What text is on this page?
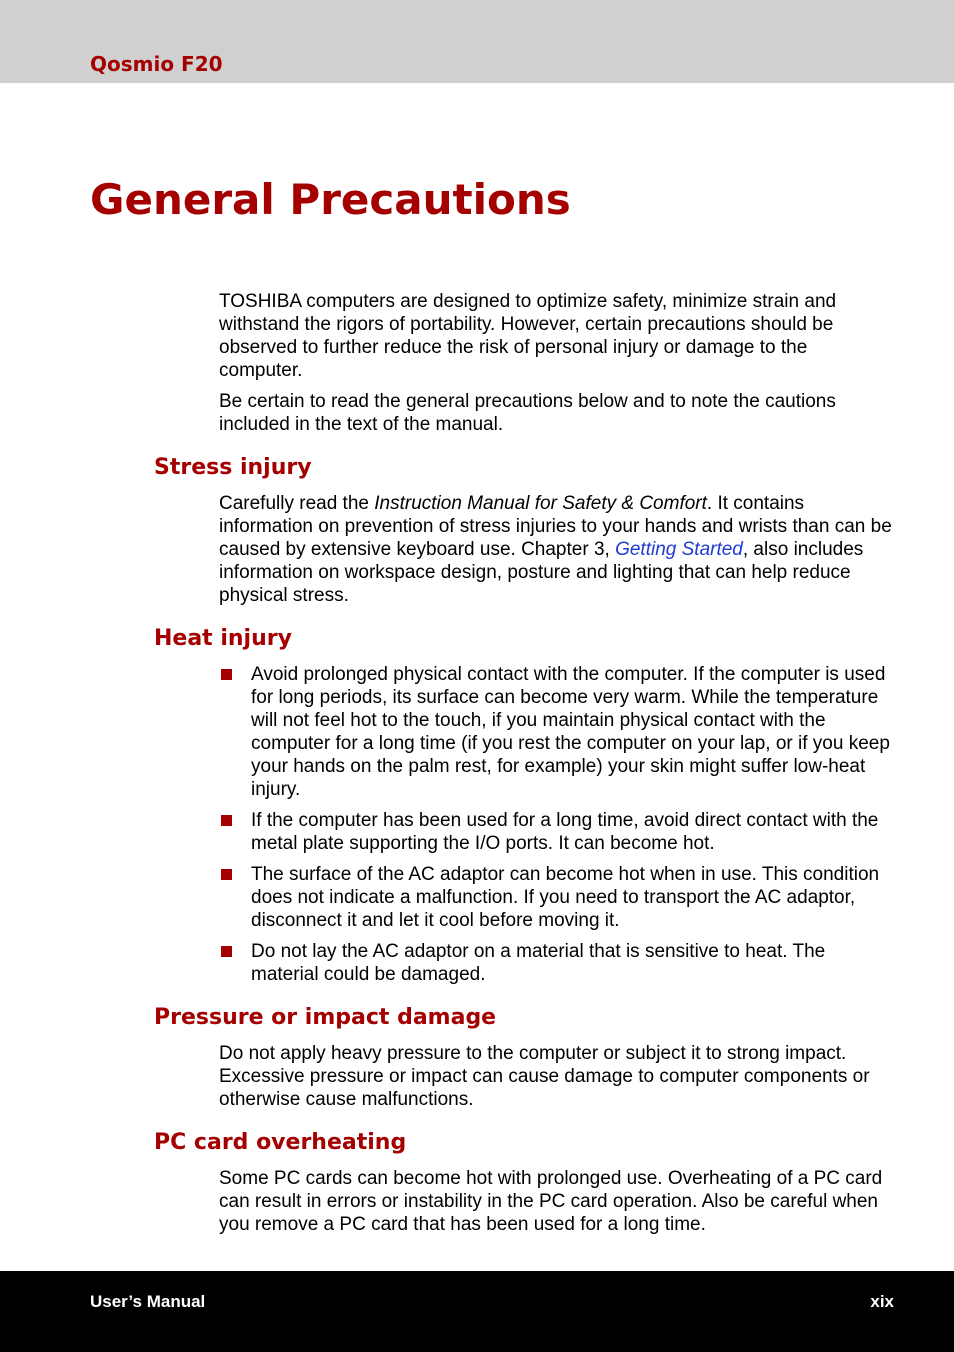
Qosmio F20
General Precautions

TOSHIBA computers are designed to optimize safety, minimize strain and withstand the rigors of portability. However, certain precautions should be observed to further reduce the risk of personal injury or damage to the computer.

Be certain to read the general precautions below and to note the cautions included in the text of the manual.

Stress injury

Carefully read the Instruction Manual for Safety & Comfort. It contains information on prevention of stress injuries to your hands and wrists than can be caused by extensive keyboard use. Chapter 3, Getting Started, also includes information on workspace design, posture and lighting that can help reduce physical stress.

Heat injury
Avoid prolonged physical contact with the computer. If the computer is used for long periods, its surface can become very warm. While the temperature will not feel hot to the touch, if you maintain physical contact with the computer for a long time (if you rest the computer on your lap, or if you keep your hands on the palm rest, for example) your skin might suffer low-heat injury.
If the computer has been used for a long time, avoid direct contact with the metal plate supporting the I/O ports. It can become hot.
The surface of the AC adaptor can become hot when in use. This condition does not indicate a malfunction. If you need to transport the AC adaptor, disconnect it and let it cool before moving it.
Do not lay the AC adaptor on a material that is sensitive to heat. The material could be damaged.
Pressure or impact damage

Do not apply heavy pressure to the computer or subject it to strong impact. Excessive pressure or impact can cause damage to computer components or otherwise cause malfunctions.

PC card overheating

Some PC cards can become hot with prolonged use. Overheating of a PC card can result in errors or instability in the PC card operation. Also be careful when you remove a PC card that has been used for a long time.

User’s Manual	xix
